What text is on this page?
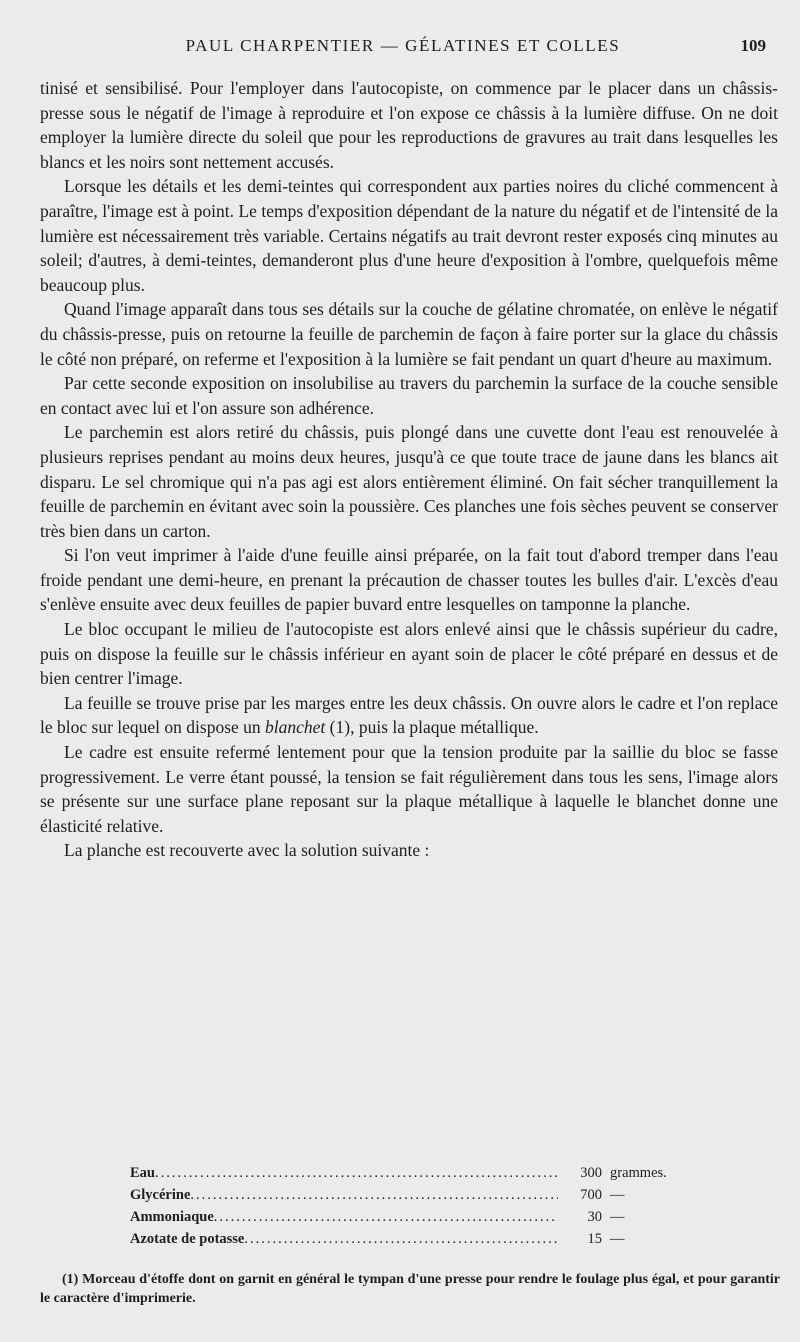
PAUL CHARPENTIER — GÉLATINES ET COLLES	109

tinisé et sensibilisé. Pour l'employer dans l'autocopiste, on commence par le placer dans un châssis-presse sous le négatif de l'image à reproduire et l'on expose ce châssis à la lumière diffuse. On ne doit employer la lumière directe du soleil que pour les reproductions de gravures au trait dans lesquelles les blancs et les noirs sont nettement accusés.

Lorsque les détails et les demi-teintes qui correspondent aux parties noires du cliché commencent à paraître, l'image est à point. Le temps d'exposition dépendant de la nature du négatif et de l'intensité de la lumière est nécessairement très variable. Certains négatifs au trait devront rester exposés cinq minutes au soleil; d'autres, à demi-teintes, demanderont plus d'une heure d'exposition à l'ombre, quelquefois même beaucoup plus.

Quand l'image apparaît dans tous ses détails sur la couche de gélatine chromatée, on enlève le négatif du châssis-presse, puis on retourne la feuille de parchemin de façon à faire porter sur la glace du châssis le côté non préparé, on referme et l'exposition à la lumière se fait pendant un quart d'heure au maximum.

Par cette seconde exposition on insolubilise au travers du parchemin la surface de la couche sensible en contact avec lui et l'on assure son adhérence.

Le parchemin est alors retiré du châssis, puis plongé dans une cuvette dont l'eau est renouvelée à plusieurs reprises pendant au moins deux heures, jusqu'à ce que toute trace de jaune dans les blancs ait disparu. Le sel chromique qui n'a pas agi est alors entièrement éliminé. On fait sécher tranquillement la feuille de parchemin en évitant avec soin la poussière. Ces planches une fois sèches peuvent se conserver très bien dans un carton.

Si l'on veut imprimer à l'aide d'une feuille ainsi préparée, on la fait tout d'abord tremper dans l'eau froide pendant une demi-heure, en prenant la précaution de chasser toutes les bulles d'air. L'excès d'eau s'enlève ensuite avec deux feuilles de papier buvard entre lesquelles on tamponne la planche.

Le bloc occupant le milieu de l'autocopiste est alors enlevé ainsi que le châssis supérieur du cadre, puis on dispose la feuille sur le châssis inférieur en ayant soin de placer le côté préparé en dessus et de bien centrer l'image.

La feuille se trouve prise par les marges entre les deux châssis. On ouvre alors le cadre et l'on replace le bloc sur lequel on dispose un blanchet (1), puis la plaque métallique.

Le cadre est ensuite refermé lentement pour que la tension produite par la saillie du bloc se fasse progressivement. Le verre étant poussé, la tension se fait régulièrement dans tous les sens, l'image alors se présente sur une surface plane reposant sur la plaque métallique à laquelle le blanchet donne une élasticité relative.

La planche est recouverte avec la solution suivante :

Eau .....	300 grammes.
Glycérine .....	700 —
Ammoniaque .....	30 —
Azotate de potasse .....	15 —

(1) Morceau d'étoffe dont on garnit en général le tympan d'une presse pour rendre le foulage plus égal, et pour garantir le caractère d'imprimerie.
